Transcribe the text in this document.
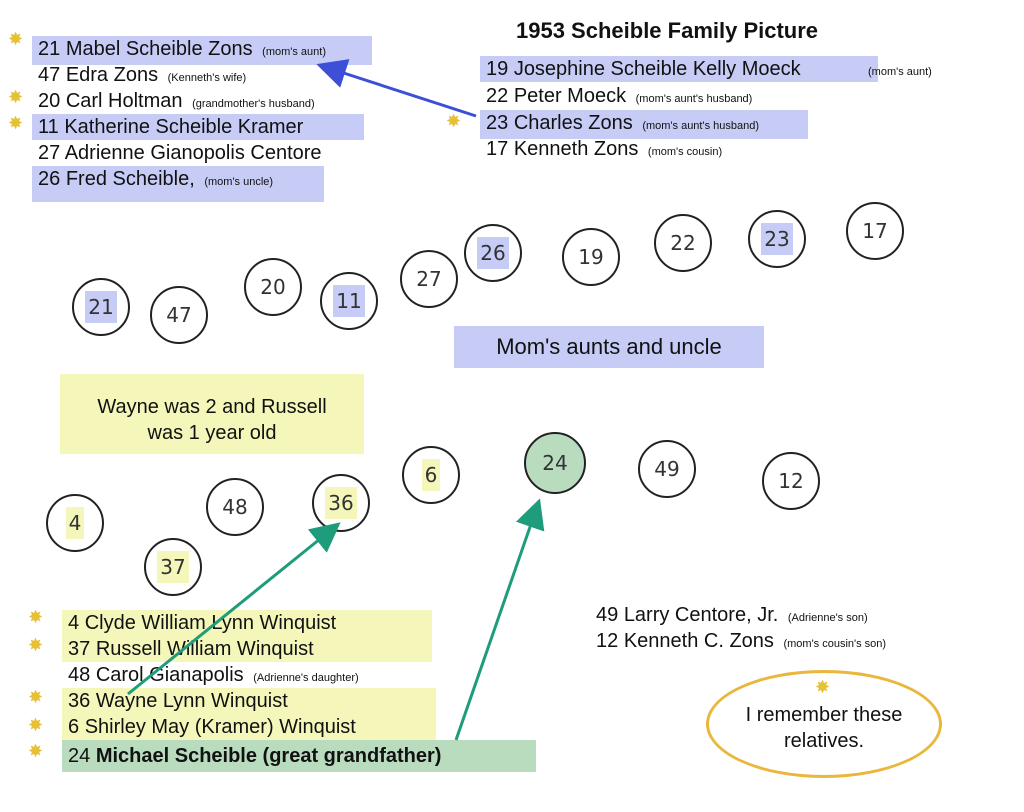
1953 Scheible Family Picture
21 Mabel Scheible Zons (mom's aunt)
47 Edra Zons (Kenneth's wife)
20 Carl Holtman (grandmother's husband)
11 Katherine Scheible Kramer
27 Adrienne Gianopolis Centore
26 Fred Scheible, (mom's uncle)
✸
✸
✸
19 Josephine Scheible Kelly Moeck	(mom's aunt)
22 Peter Moeck (mom's aunt's husband)
23 Charles Zons (mom's aunt's husband)
17 Kenneth Zons (mom's cousin)
✸
21	47
20
11
27
26	19
22	23	17
Mom's aunts and uncle
Wayne was 2 and Russell was 1 year old
4
37
48	36
6	24	49	12
4 Clyde William Lynn Winquist
37 Russell William Winquist
48 Carol Gianapolis (Adrienne's daughter)
36 Wayne Lynn Winquist
6 Shirley May (Kramer) Winquist
24 Michael Scheible (great grandfather)
✸
✸
✸
✸
✸
49 Larry Centore, Jr. (Adrienne's son)
12 Kenneth C. Zons (mom's cousin's son)
✸
I remember these relatives.
